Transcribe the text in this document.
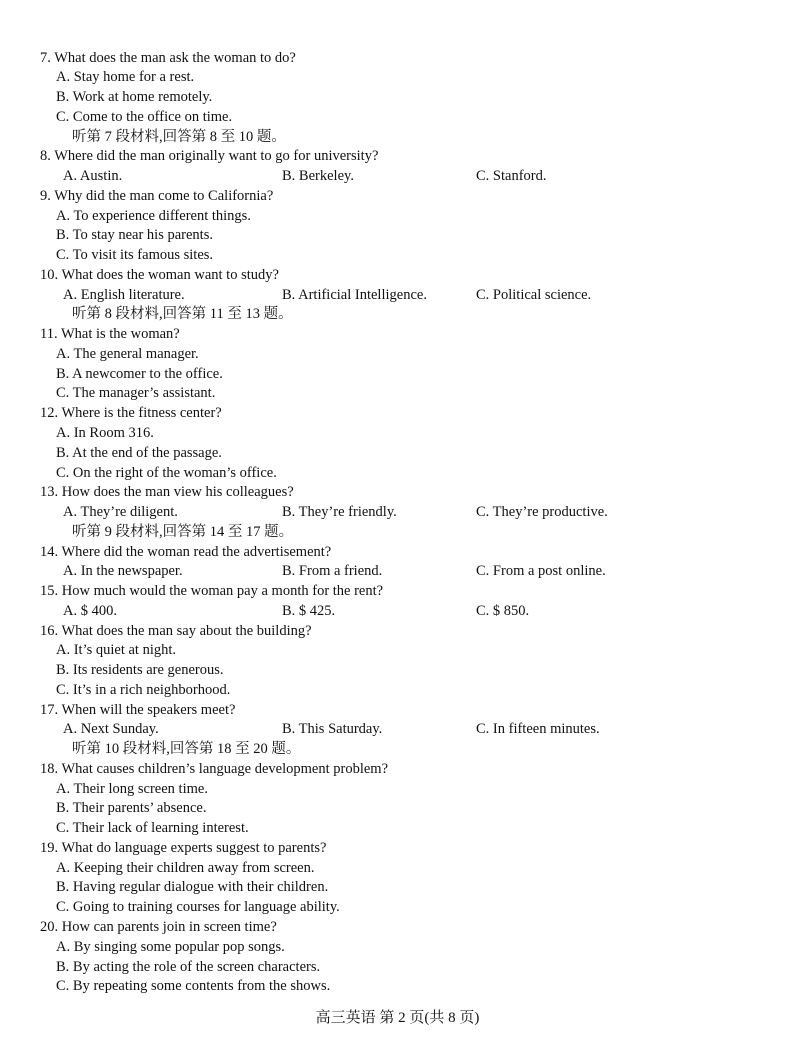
7. What does the man ask the woman to do?
A. Stay home for a rest.
B. Work at home remotely.
C. Come to the office on time.
听第 7 段材料,回答第 8 至 10 题。
8. Where did the man originally want to go for university?
A. Austin.	B. Berkeley.	C. Stanford.
9. Why did the man come to California?
A. To experience different things.
B. To stay near his parents.
C. To visit its famous sites.
10. What does the woman want to study?
A. English literature.	B. Artificial Intelligence.	C. Political science.
听第 8 段材料,回答第 11 至 13 题。
11. What is the woman?
A. The general manager.
B. A newcomer to the office.
C. The manager’s assistant.
12. Where is the fitness center?
A. In Room 316.
B. At the end of the passage.
C. On the right of the woman’s office.
13. How does the man view his colleagues?
A. They’re diligent.	B. They’re friendly.	C. They’re productive.
听第 9 段材料,回答第 14 至 17 题。
14. Where did the woman read the advertisement?
A. In the newspaper.	B. From a friend.	C. From a post online.
15. How much would the woman pay a month for the rent?
A. $ 400.	B. $ 425.	C. $ 850.
16. What does the man say about the building?
A. It’s quiet at night.
B. Its residents are generous.
C. It’s in a rich neighborhood.
17. When will the speakers meet?
A. Next Sunday.	B. This Saturday.	C. In fifteen minutes.
听第 10 段材料,回答第 18 至 20 题。
18. What causes children’s language development problem?
A. Their long screen time.
B. Their parents’ absence.
C. Their lack of learning interest.
19. What do language experts suggest to parents?
A. Keeping their children away from screen.
B. Having regular dialogue with their children.
C. Going to training courses for language ability.
20. How can parents join in screen time?
A. By singing some popular pop songs.
B. By acting the role of the screen characters.
C. By repeating some contents from the shows.
高三英语 第 2 页(共 8 页)
